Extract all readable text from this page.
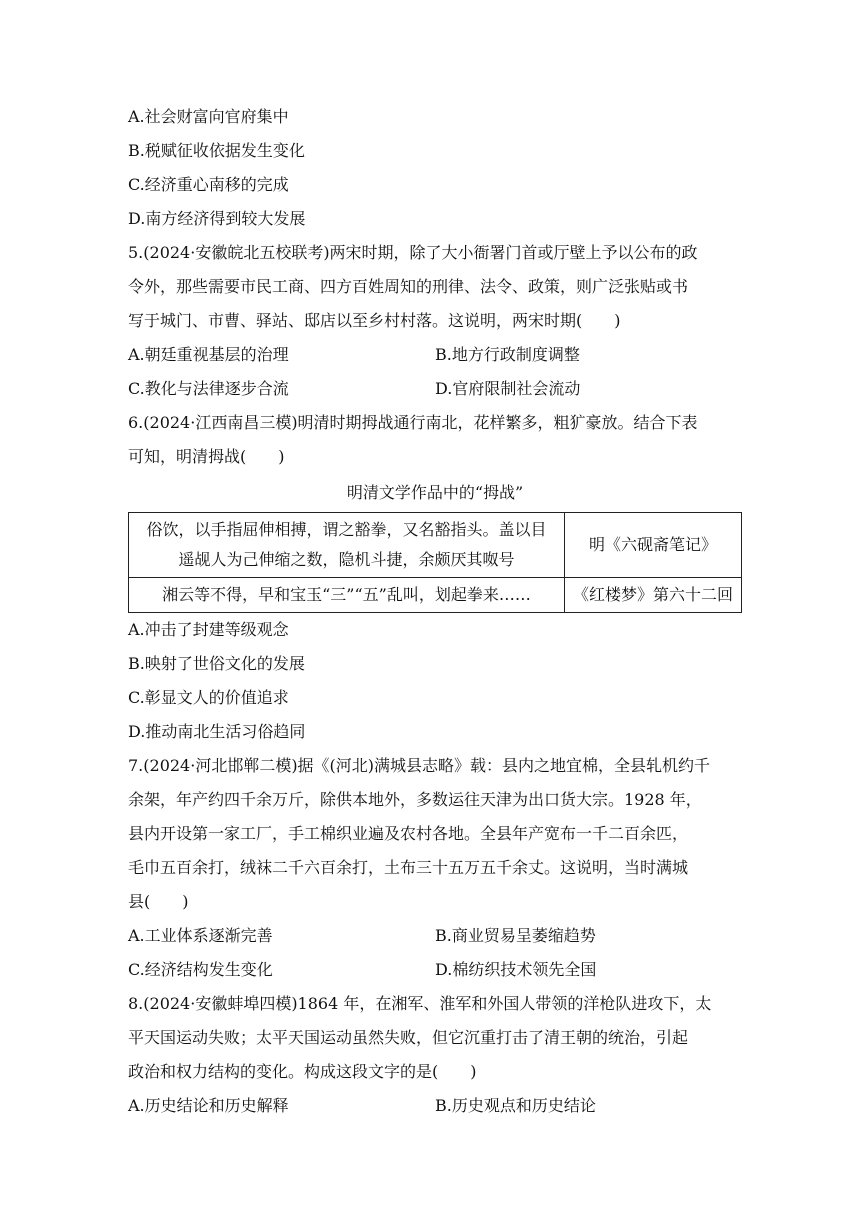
A.社会财富向官府集中
B.税赋征收依据发生变化
C.经济重心南移的完成
D.南方经济得到较大发展
5.(2024·安徽皖北五校联考)两宋时期，除了大小衙署门首或厅壁上予以公布的政
令外，那些需要市民工商、四方百姓周知的刑律、法令、政策，则广泛张贴或书
写于城门、市曹、驿站、邸店以至乡村村落。这说明，两宋时期(　　)
A.朝廷重视基层的治理	B.地方行政制度调整
C.教化与法律逐步合流	D.官府限制社会流动
6.(2024·江西南昌三模)明清时期拇战通行南北，花样繁多，粗犷豪放。结合下表
可知，明清拇战(　　)
明清文学作品中的“拇战”
俗饮，以手指屈伸相搏，谓之豁拳，又名豁指头。盖以目
遥觇人为己伸缩之数，隐机斗捷，余颇厌其呶号	明《六砚斋笔记》

湘云等不得，早和宝玉“三”“五”乱叫，划起拳来……	《红楼梦》第六十二回
A.冲击了封建等级观念
B.映射了世俗文化的发展
C.彰显文人的价值追求
D.推动南北生活习俗趋同
7.(2024·河北邯郸二模)据《(河北)满城县志略》载：县内之地宜棉，全县轧机约千
余架，年产约四千余万斤，除供本地外，多数运往天津为出口货大宗。1928 年，
县内开设第一家工厂，手工棉织业遍及农村各地。全县年产宽布一千二百余匹，
毛巾五百余打，绒袜二千六百余打，土布三十五万五千余丈。这说明，当时满城
县(　　)
A.工业体系逐渐完善	B.商业贸易呈萎缩趋势
C.经济结构发生变化	D.棉纺织技术领先全国
8.(2024·安徽蚌埠四模)1864 年，在湘军、淮军和外国人带领的洋枪队进攻下，太
平天国运动失败；太平天国运动虽然失败，但它沉重打击了清王朝的统治，引起
政治和权力结构的变化。构成这段文字的是(　　)
A.历史结论和历史解释	B.历史观点和历史结论
